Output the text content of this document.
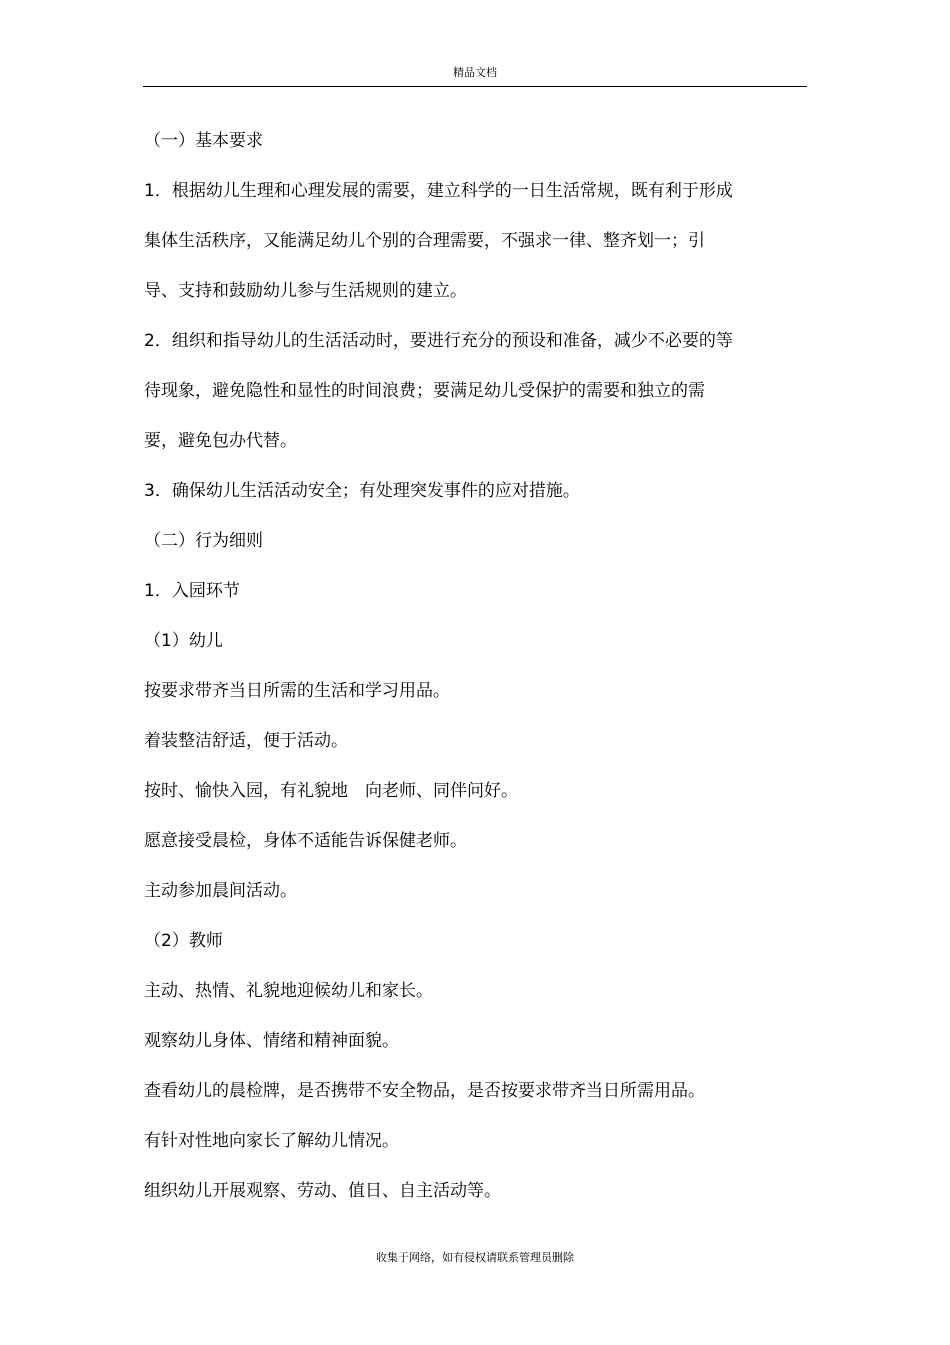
精品文档
（一）基本要求
1．根据幼儿生理和心理发展的需要，建立科学的一日生活常规，既有利于形成
集体生活秩序，又能满足幼儿个别的合理需要，不强求一律、整齐划一；引
导、支持和鼓励幼儿参与生活规则的建立。
2．组织和指导幼儿的生活活动时，要进行充分的预设和准备，减少不必要的等
待现象，避免隐性和显性的时间浪费；要满足幼儿受保护的需要和独立的需
要，避免包办代替。
3．确保幼儿生活活动安全；有处理突发事件的应对措施。
（二）行为细则
1．入园环节
（1）幼儿
按要求带齐当日所需的生活和学习用品。
着装整洁舒适，便于活动。
按时、愉快入园，有礼貌地　向老师、同伴问好。
愿意接受晨检，身体不适能告诉保健老师。
主动参加晨间活动。
（2）教师
主动、热情、礼貌地迎候幼儿和家长。
观察幼儿身体、情绪和精神面貌。
查看幼儿的晨检牌，是否携带不安全物品，是否按要求带齐当日所需用品。
有针对性地向家长了解幼儿情况。
组织幼儿开展观察、劳动、值日、自主活动等。
收集于网络，如有侵权请联系管理员删除
